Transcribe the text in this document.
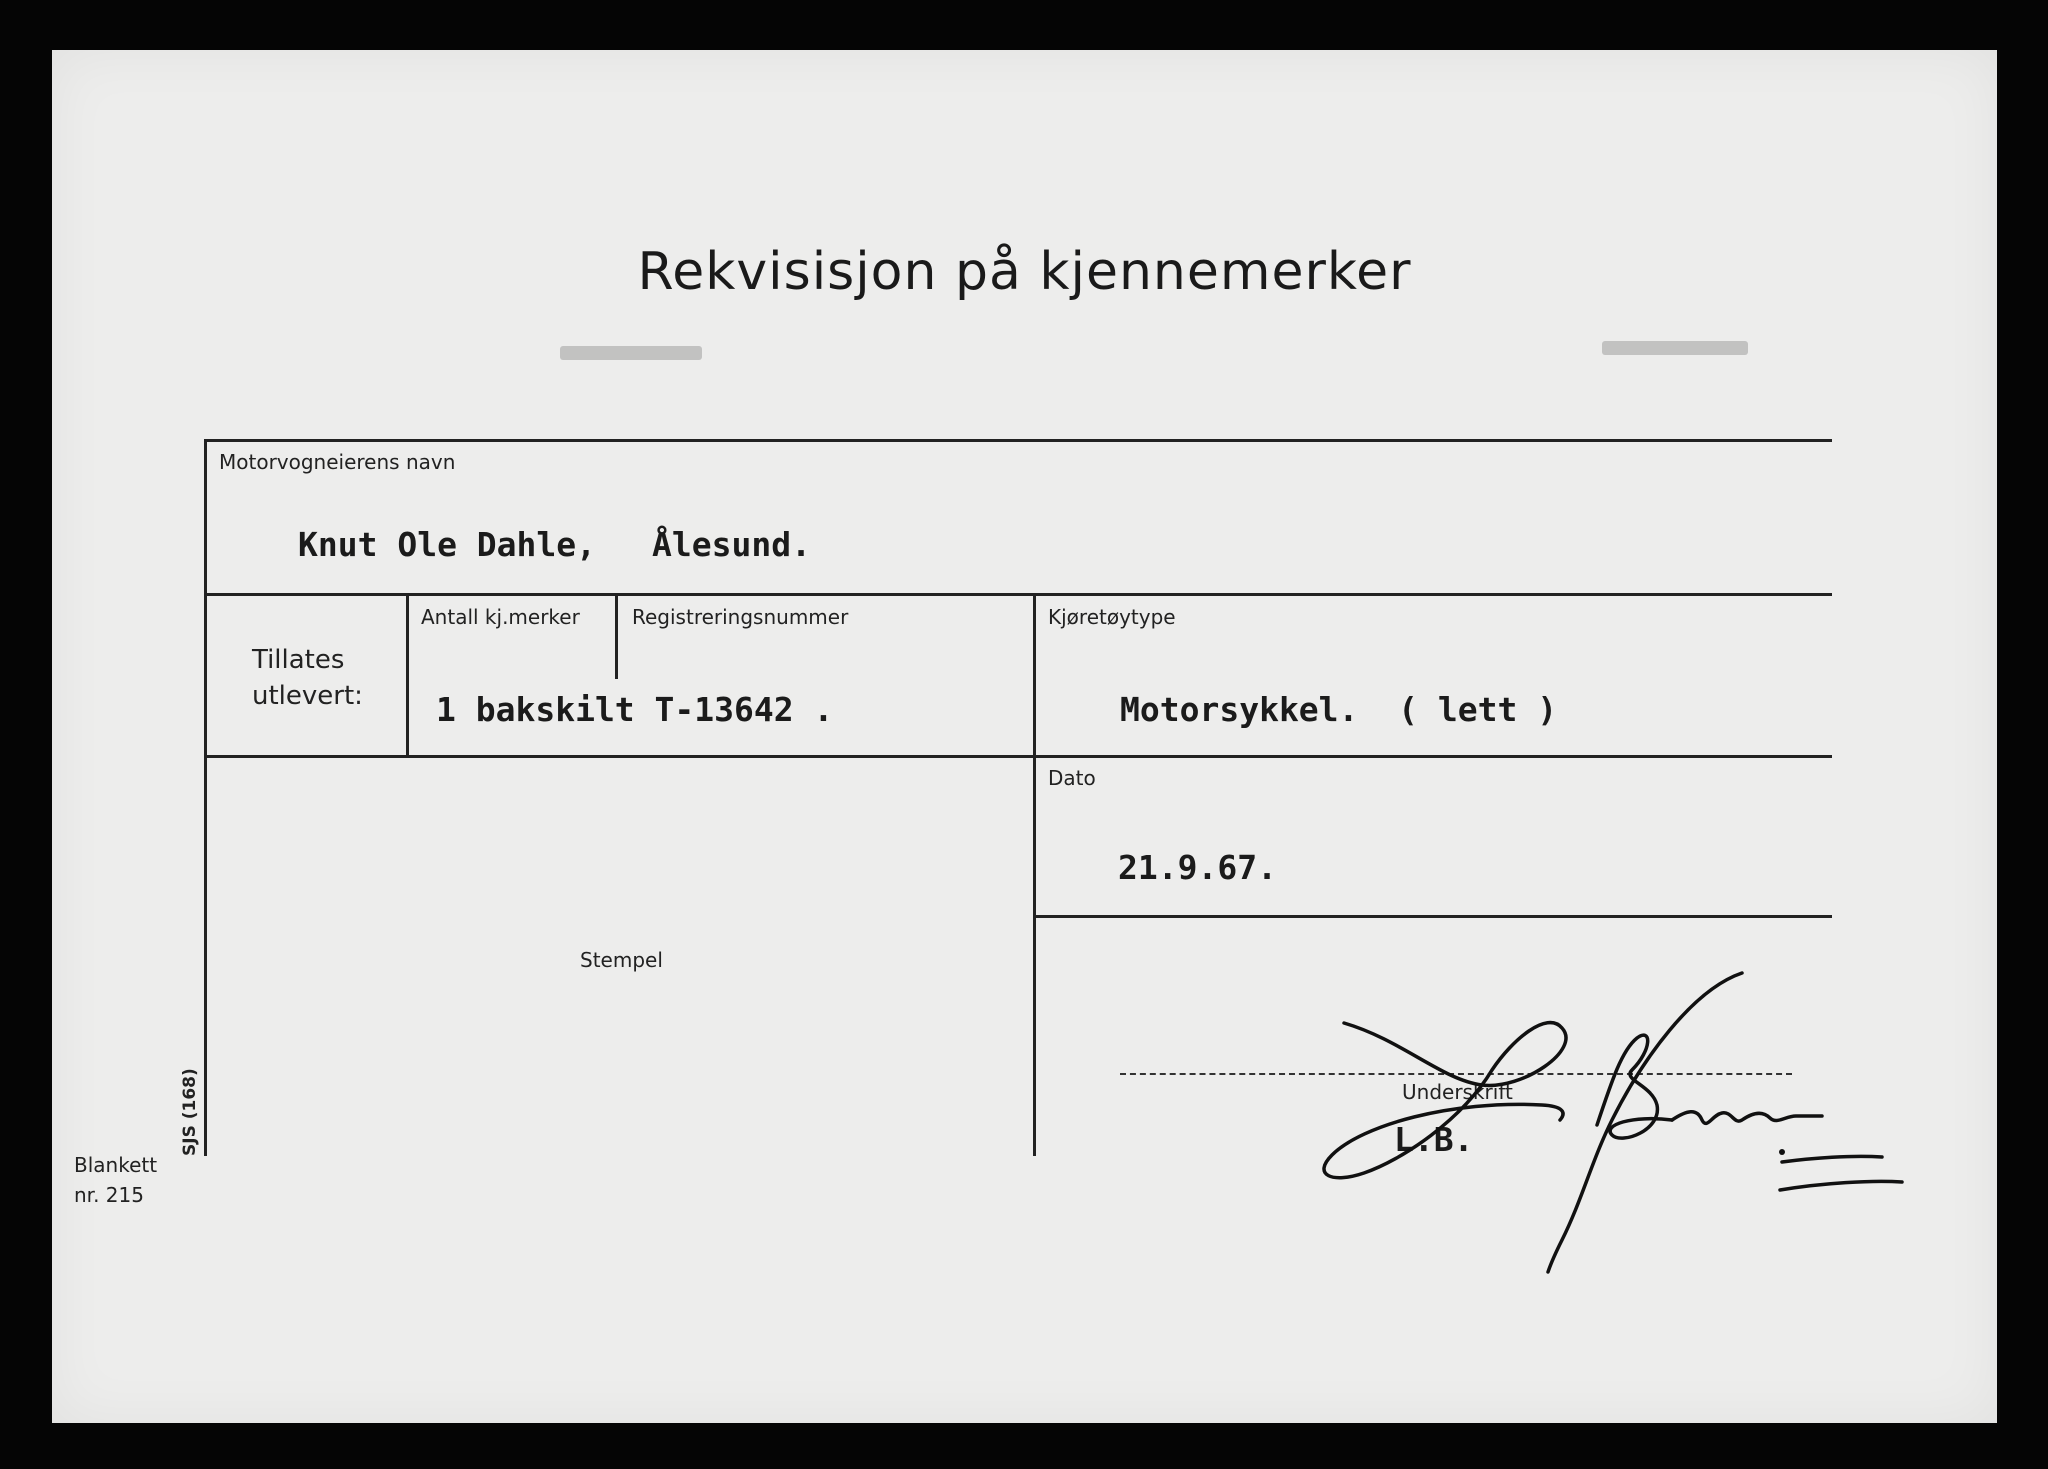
Rekvisisjon på kjennemerker
Motorvogneierens navn
Knut Ole Dahle, Ålesund.
Tillates
utlevert:
Antall kj.merker	Registreringsnummer
1 bakskilt T-13642 .
Kjøretøytype
Motorsykkel.  ( lett )
Dato
21.9.67.
Stempel
Underskrift
L.B.
SJS (168)
Blankett
nr. 215
